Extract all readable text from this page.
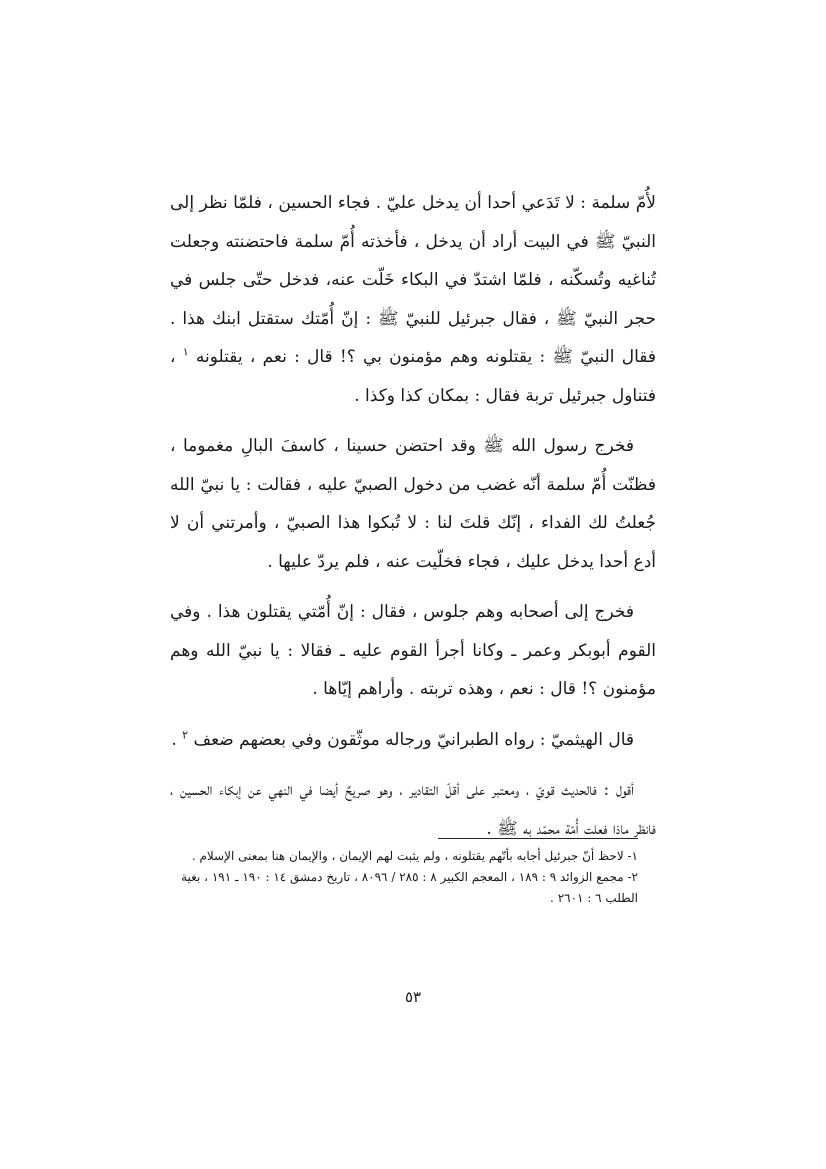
لأُمّ سلمة : لا تَدَعي أحدا أن يدخل عليّ . فجاء الحسين ، فلمّا نظر إلى النبيّ ﷺ في البيت أراد أن يدخل ، فأخذته أُمّ سلمة فاحتضنته وجعلت تُناغيه وتُسكّنه ، فلمّا اشتدّ في البكاء خَلّت عنه، فدخل حتّى جلس في حجر النبيّ ﷺ ، فقال جبرئيل للنبيّ ﷺ : إنّ أُمّتك ستقتل ابنك هذا . فقال النبيّ ﷺ : يقتلونه وهم مؤمنون بي ؟! قال : نعم ، يقتلونه $^١$ ، فتناول جبرئيل تربة فقال : بمكان كذا وكذا .

فخرج رسول الله ﷺ وقد احتضن حسينا ، كاسفَ البالِ مغموما ، فظنّت أُمّ سلمة أنّه غضب من دخول الصبيّ عليه ، فقالت : يا نبيّ الله جُعلتُ لك الفداء ، إنّك قلتَ لنا : لا تُبكوا هذا الصبيّ ، وأمرتني أن لا أدع أحدا يدخل عليك ، فجاء فخلّيت عنه ، فلم يردّ عليها .

فخرج إلى أصحابه وهم جلوس ، فقال : إنّ أُمّتي يقتلون هذا . وفي القوم أبوبكر وعمر ـ وكانا أجرأ القوم عليه ـ فقالا : يا نبيّ الله وهم مؤمنون ؟! قال : نعم ، وهذه تربته . وأراهم إيّاها .

قال الهيثميّ : رواه الطبرانيّ ورجاله موثّقون وفي بعضهم ضعف $^٢$ .

أقول : فالحديث قويّ ، ومعتبر على أقلّ التقادير ، وهو صريحٌ أيضا في النهي عن إبكاء الحسين ، فانظر ماذا فعلت أُمّة محمّد به ﷺ .

١- لاحظ أنّ جبرئيل أجابه بأنّهم يقتلونه ، ولم يثبت لهم الإيمان ، والإيمان هنا بمعنى الإسلام .

٢- مجمع الزوائد ٩ : ١٨٩ ، المعجم الكبير ٨ : ٢٨٥ / ٨٠٩٦ ، تاريخ دمشق ١٤ : ١٩٠ ـ ١٩١ ، بغية الطلب ٦ : ٢٦٠١ .

٥٣
